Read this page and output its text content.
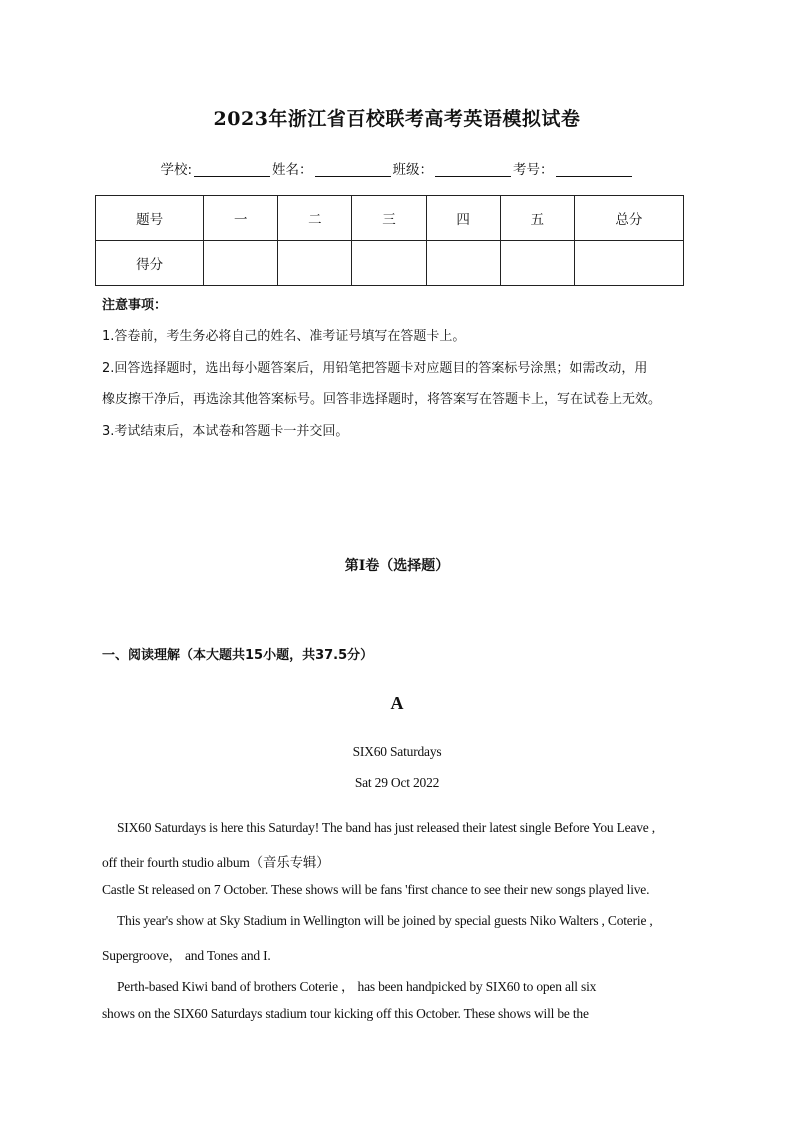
2023年浙江省百校联考高考英语模拟试卷
学校:	姓名：	班级：	考号：
题号	一	二	三	四	五	总分
得分						
注意事项：
1.答卷前，考生务必将自己的姓名、准考证号填写在答题卡上。
2.回答选择题时，选出每小题答案后，用铅笔把答题卡对应题目的答案标号涂黑；如需改动，用
橡皮擦干净后，再选涂其他答案标号。回答非选择题时，将答案写在答题卡上，写在试卷上无效。
3.考试结束后，本试卷和答题卡一并交回。
第Ⅰ卷（选择题）
一、阅读理解（本大题共15小题，共37.5分）
A
SIX60 Saturdays
Sat 29 Oct 2022
SIX60 Saturdays is here this Saturday! The band has just released their latest single Before You Leave ,
off their fourth studio album（音乐专辑）
Castle St released on 7 October. These shows will be fans 'first chance to see their new songs played live.
This year's show at Sky Stadium in Wellington will be joined by special guests Niko Walters , Coterie ,
Supergroove， and Tones and I.
Perth-based Kiwi band of brothers Coterie ， has been handpicked by SIX60 to open all six
shows on the SIX60 Saturdays stadium tour kicking off this October. These shows will be the
